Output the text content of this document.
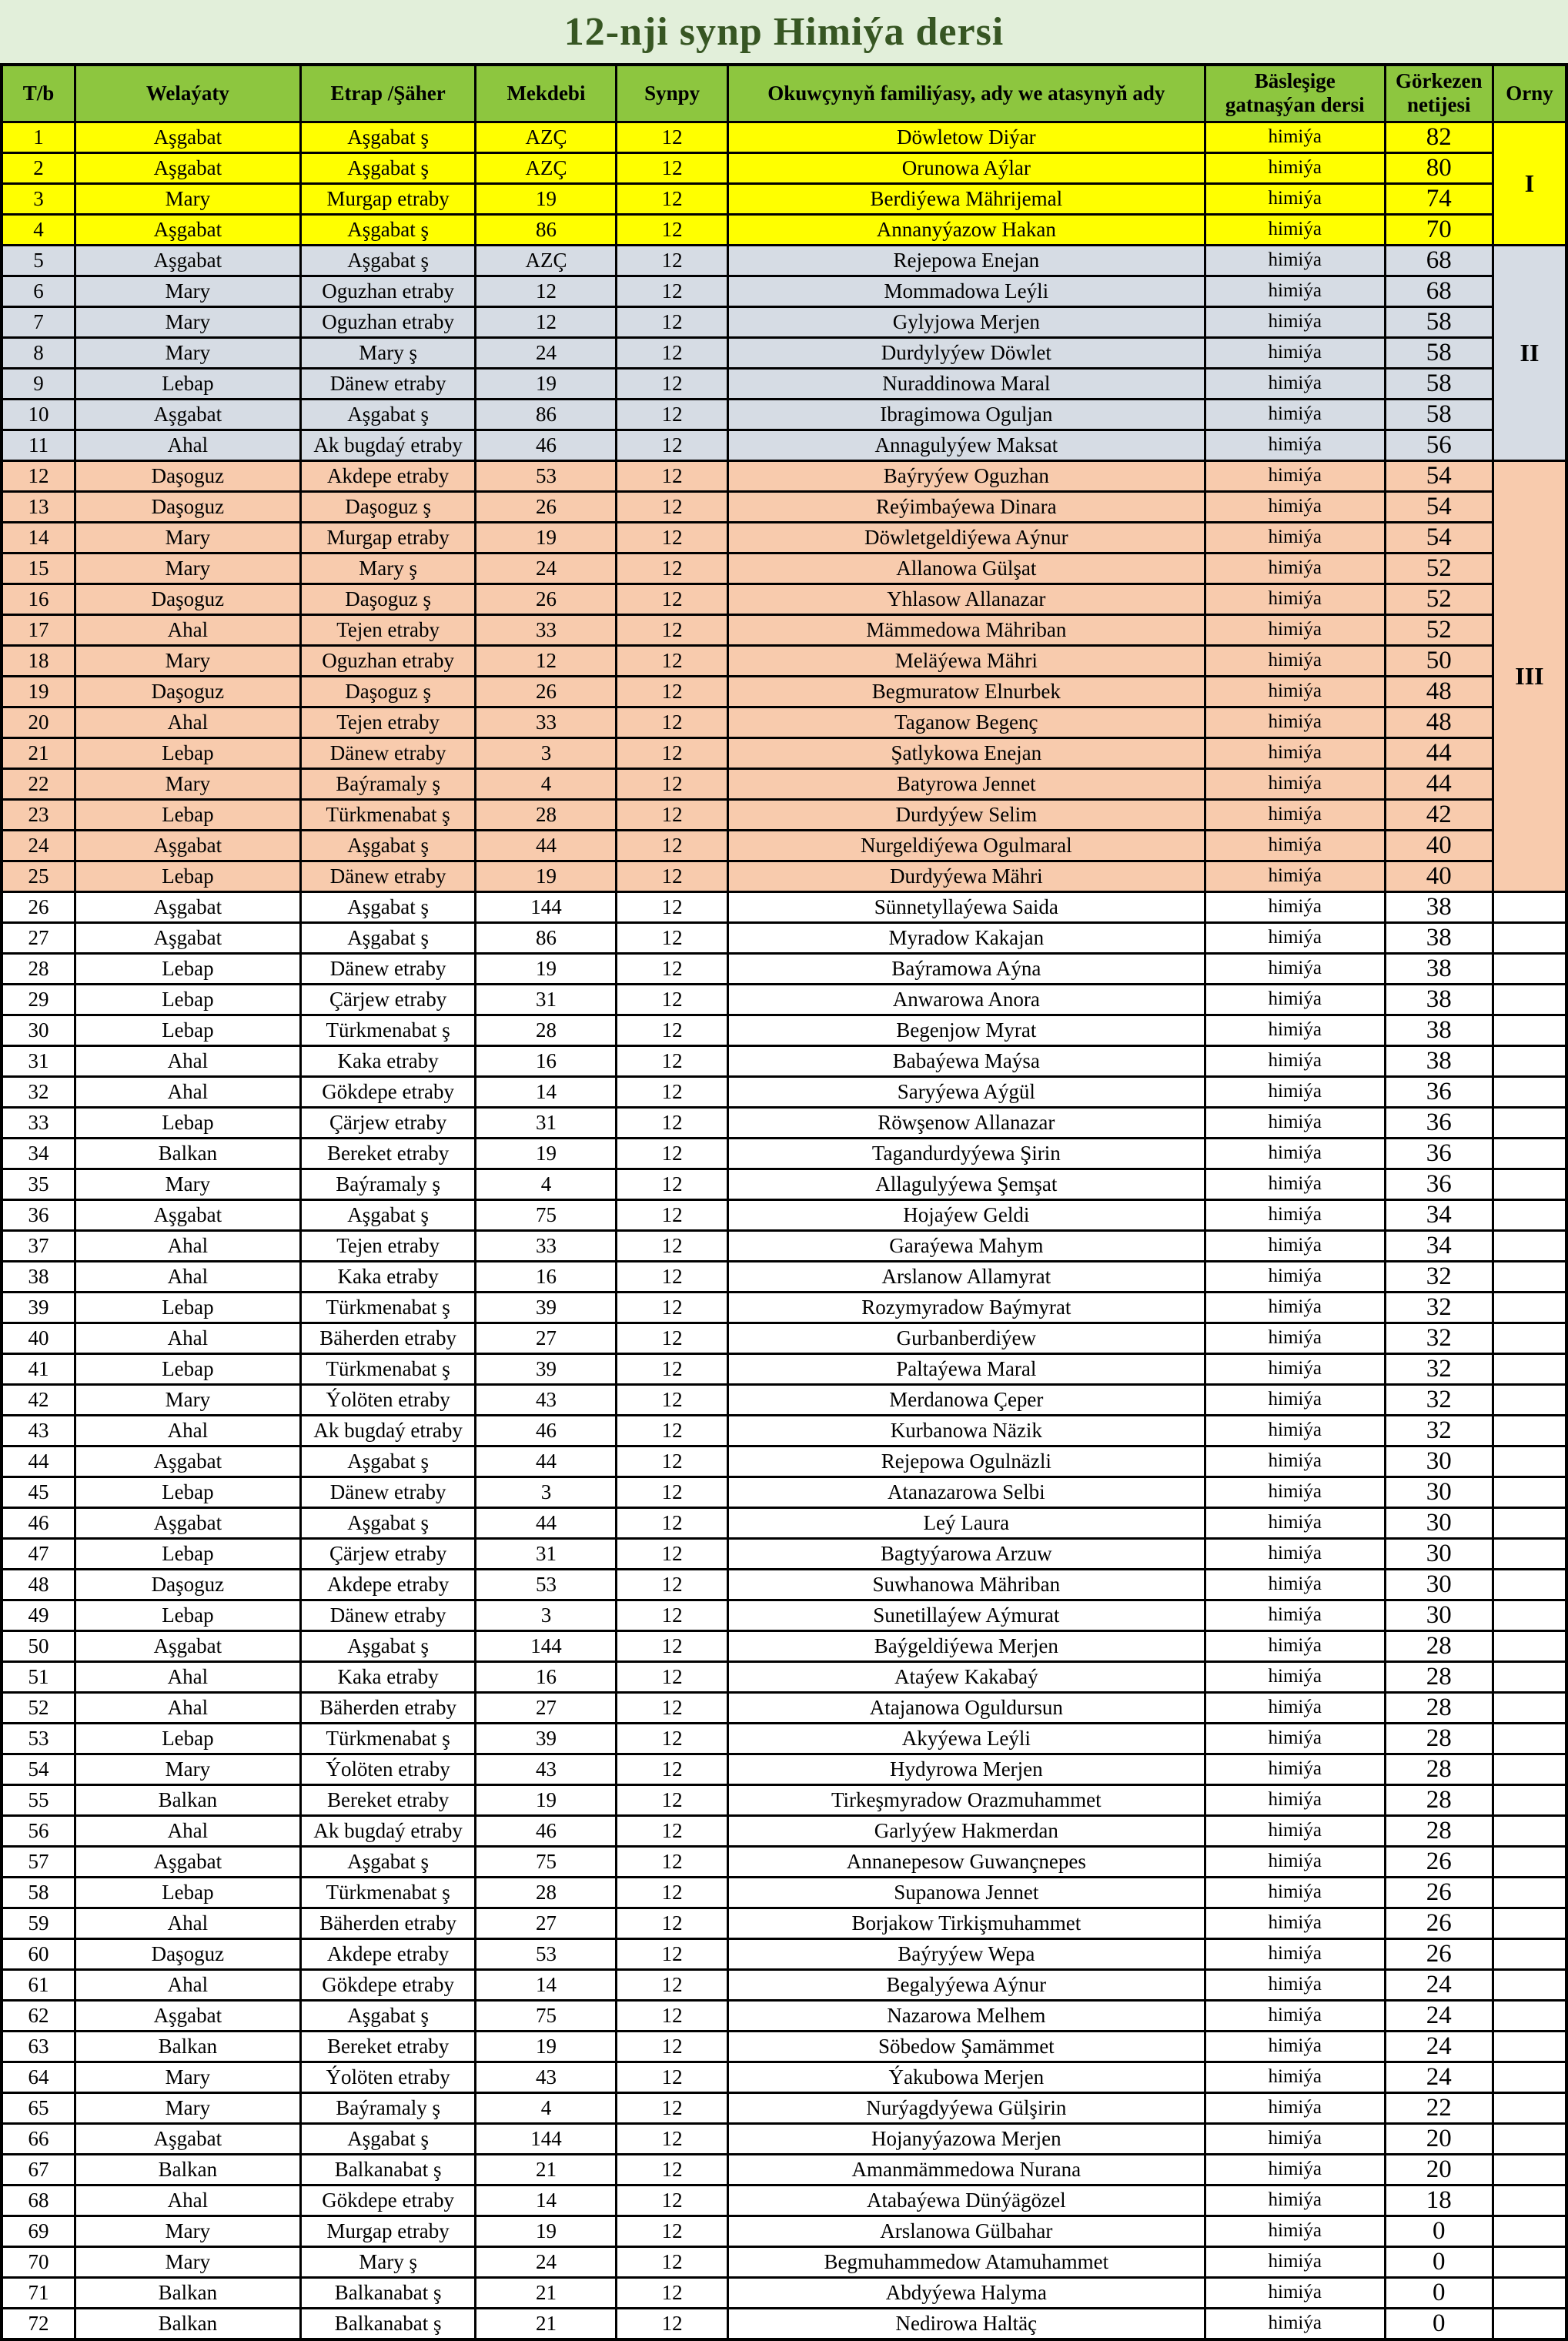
12-nji synp Himiýa dersi
T/b	Welaýaty	Etrap /Şäher	Mekdebi	Synpy	Okuwçynyň familiýasy, ady we atasynyň ady	Bäsleşige gatnaşýan dersi	Görkezen netijesi	Orny
1	Aşgabat	Aşgabat ş	AZÇ	12	Döwletow Diýar	himiýa	82	I
2	Aşgabat	Aşgabat ş	AZÇ	12	Orunowa Aýlar	himiýa	80	
3	Mary	Murgap etraby	19	12	Berdiýewa Mährijemal	himiýa	74	
4	Aşgabat	Aşgabat ş	86	12	Annanyýazow Hakan	himiýa	70	
5	Aşgabat	Aşgabat ş	AZÇ	12	Rejepowa Enejan	himiýa	68	II
6	Mary	Oguzhan etraby	12	12	Mommadowa Leýli	himiýa	68	
7	Mary	Oguzhan etraby	12	12	Gylyjowa Merjen	himiýa	58	
8	Mary	Mary ş	24	12	Durdylyýew Döwlet	himiýa	58	
9	Lebap	Dänew etraby	19	12	Nuraddinowa Maral	himiýa	58	
10	Aşgabat	Aşgabat ş	86	12	Ibragimowa Oguljan	himiýa	58	
11	Ahal	Ak bugdaý etraby	46	12	Annagulyýew Maksat	himiýa	56	
12	Daşoguz	Akdepe etraby	53	12	Baýryýew Oguzhan	himiýa	54	III
13	Daşoguz	Daşoguz ş	26	12	Reýimbaýewa Dinara	himiýa	54	
14	Mary	Murgap etraby	19	12	Döwletgeldiýewa Aýnur	himiýa	54	
15	Mary	Mary ş	24	12	Allanowa Gülşat	himiýa	52	
16	Daşoguz	Daşoguz ş	26	12	Yhlasow Allanazar	himiýa	52	
17	Ahal	Tejen etraby	33	12	Mämmedowa Mähriban	himiýa	52	
18	Mary	Oguzhan etraby	12	12	Meläýewa Mähri	himiýa	50	
19	Daşoguz	Daşoguz ş	26	12	Begmuratow Elnurbek	himiýa	48	
20	Ahal	Tejen etraby	33	12	Taganow Begenç	himiýa	48	
21	Lebap	Dänew etraby	3	12	Şatlykowa Enejan	himiýa	44	
22	Mary	Baýramaly ş	4	12	Batyrowa Jennet	himiýa	44	
23	Lebap	Türkmenabat ş	28	12	Durdyýew Selim	himiýa	42	
24	Aşgabat	Aşgabat ş	44	12	Nurgeldiýewa Ogulmaral	himiýa	40	
25	Lebap	Dänew etraby	19	12	Durdyýewa Mähri	himiýa	40	
26	Aşgabat	Aşgabat ş	144	12	Sünnetyllaýewa Saida	himiýa	38	
27	Aşgabat	Aşgabat ş	86	12	Myradow Kakajan	himiýa	38	
28	Lebap	Dänew etraby	19	12	Baýramowa Aýna	himiýa	38	
29	Lebap	Çärjew etraby	31	12	Anwarowa Anora	himiýa	38	
30	Lebap	Türkmenabat ş	28	12	Begenjow Myrat	himiýa	38	
31	Ahal	Kaka etraby	16	12	Babaýewa Maýsa	himiýa	38	
32	Ahal	Gökdepe etraby	14	12	Saryýewa Aýgül	himiýa	36	
33	Lebap	Çärjew etraby	31	12	Röwşenow Allanazar	himiýa	36	
34	Balkan	Bereket etraby	19	12	Tagandurdyýewa Şirin	himiýa	36	
35	Mary	Baýramaly ş	4	12	Allagulyýewa Şemşat	himiýa	36	
36	Aşgabat	Aşgabat ş	75	12	Hojaýew Geldi	himiýa	34	
37	Ahal	Tejen etraby	33	12	Garaýewa Mahym	himiýa	34	
38	Ahal	Kaka etraby	16	12	Arslanow Allamyrat	himiýa	32	
39	Lebap	Türkmenabat ş	39	12	Rozymyradow Baýmyrat	himiýa	32	
40	Ahal	Bäherden etraby	27	12	Gurbanberdiýew	himiýa	32	
41	Lebap	Türkmenabat ş	39	12	Paltaýewa Maral	himiýa	32	
42	Mary	Ýolöten etraby	43	12	Merdanowa Çeper	himiýa	32	
43	Ahal	Ak bugdaý etraby	46	12	Kurbanowa Näzik	himiýa	32	
44	Aşgabat	Aşgabat ş	44	12	Rejepowa Ogulnäzli	himiýa	30	
45	Lebap	Dänew etraby	3	12	Atanazarowa Selbi	himiýa	30	
46	Aşgabat	Aşgabat ş	44	12	Leý Laura	himiýa	30	
47	Lebap	Çärjew etraby	31	12	Bagtyýarowa Arzuw	himiýa	30	
48	Daşoguz	Akdepe etraby	53	12	Suwhanowa Mähriban	himiýa	30	
49	Lebap	Dänew etraby	3	12	Sunetillaýew Aýmurat	himiýa	30	
50	Aşgabat	Aşgabat ş	144	12	Baýgeldiýewa Merjen	himiýa	28	
51	Ahal	Kaka etraby	16	12	Ataýew Kakabaý	himiýa	28	
52	Ahal	Bäherden etraby	27	12	Atajanowa Oguldursun	himiýa	28	
53	Lebap	Türkmenabat ş	39	12	Akyýewa Leýli	himiýa	28	
54	Mary	Ýolöten etraby	43	12	Hydyrowa Merjen	himiýa	28	
55	Balkan	Bereket etraby	19	12	Tirkeşmyradow Orazmuhammet	himiýa	28	
56	Ahal	Ak bugdaý etraby	46	12	Garlyýew Hakmerdan	himiýa	28	
57	Aşgabat	Aşgabat ş	75	12	Annanepesow Guwançnepes	himiýa	26	
58	Lebap	Türkmenabat ş	28	12	Supanowa Jennet	himiýa	26	
59	Ahal	Bäherden etraby	27	12	Borjakow Tirkişmuhammet	himiýa	26	
60	Daşoguz	Akdepe etraby	53	12	Baýryýew Wepa	himiýa	26	
61	Ahal	Gökdepe etraby	14	12	Begalyýewa Aýnur	himiýa	24	
62	Aşgabat	Aşgabat ş	75	12	Nazarowa Melhem	himiýa	24	
63	Balkan	Bereket etraby	19	12	Söbedow Şamämmet	himiýa	24	
64	Mary	Ýolöten etraby	43	12	Ýakubowa Merjen	himiýa	24	
65	Mary	Baýramaly ş	4	12	Nurýagdyýewa Gülşirin	himiýa	22	
66	Aşgabat	Aşgabat ş	144	12	Hojanyýazowa Merjen	himiýa	20	
67	Balkan	Balkanabat ş	21	12	Amanmämmedowa Nurana	himiýa	20	
68	Ahal	Gökdepe etraby	14	12	Atabaýewa Dünýägözel	himiýa	18	
69	Mary	Murgap etraby	19	12	Arslanowa Gülbahar	himiýa	0	
70	Mary	Mary ş	24	12	Begmuhammedow Atamuhammet	himiýa	0	
71	Balkan	Balkanabat ş	21	12	Abdyýewa Halyma	himiýa	0	
72	Balkan	Balkanabat ş	21	12	Nedirowa Haltäç	himiýa	0	
